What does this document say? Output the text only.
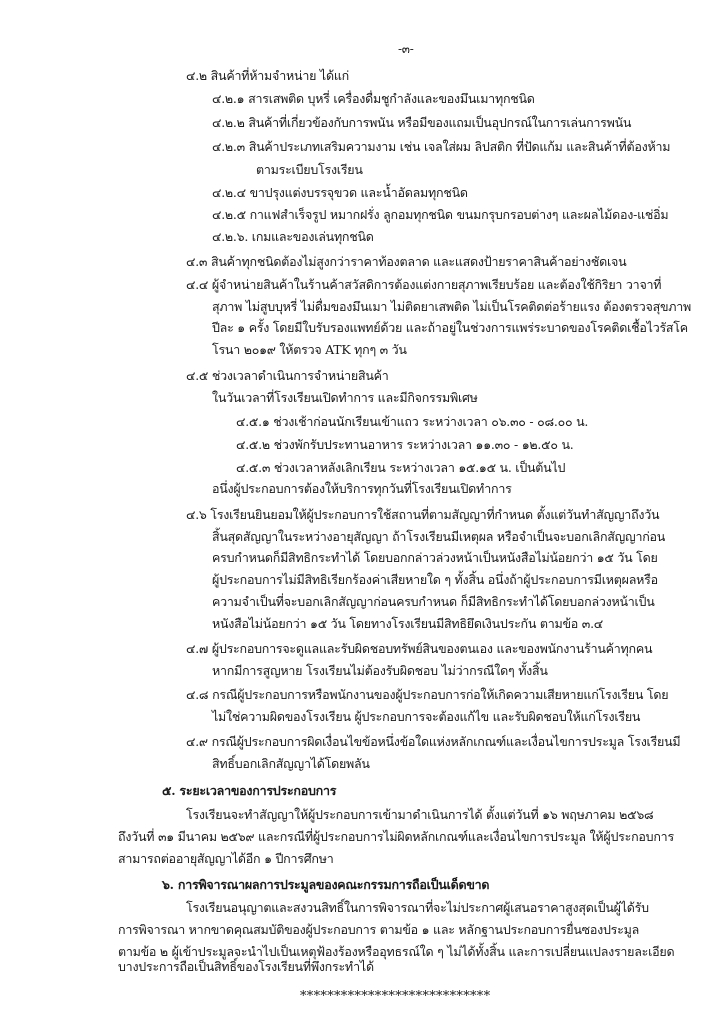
-๓-
๔.๒ สินค้าที่ห้ามจำหน่าย ได้แก่
๔.๒.๑ สารเสพติด บุหรี่ เครื่องดื่มชูกำลังและของมึนเมาทุกชนิด
๔.๒.๒ สินค้าที่เกี่ยวข้องกับการพนัน หรือมีของแถมเป็นอุปกรณ์ในการเล่นการพนัน
๔.๒.๓ สินค้าประเภทเสริมความงาม เช่น เจลใส่ผม ลิปสติก ที่ปัดแก้ม และสินค้าที่ต้องห้าม
ตามระเบียบโรงเรียน
๔.๒.๔ ขาปรุงแต่งบรรจุขวด และน้ำอัดลมทุกชนิด
๔.๒.๕ กาแฟสำเร็จรูป หมากฝรั่ง ลูกอมทุกชนิด ขนมกรุบกรอบต่างๆ และผลไม้ดอง-แช่อิ่ม
๔.๒.๖. เกมและของเล่นทุกชนิด
๔.๓ สินค้าทุกชนิดต้องไม่สูงกว่าราคาท้องตลาด และแสดงป้ายราคาสินค้าอย่างชัดเจน
๔.๔ ผู้จำหน่ายสินค้าในร้านค้าสวัสดิการต้องแต่งกายสุภาพเรียบร้อย และต้องใช้กิริยา วาจาที่
สุภาพ ไม่สูบบุหรี่ ไม่ดื่มของมึนเมา ไม่ติดยาเสพติด ไม่เป็นโรคติดต่อร้ายแรง ต้องตรวจสุขภาพ
ปีละ ๑ ครั้ง โดยมีใบรับรองแพทย์ด้วย และถ้าอยู่ในช่วงการแพร่ระบาดของโรคติดเชื้อไวรัสโค
โรนา ๒๐๑๙ ให้ตรวจ ATK ทุกๆ ๓ วัน
๔.๕ ช่วงเวลาดำเนินการจำหน่ายสินค้า
ในวันเวลาที่โรงเรียนเปิดทำการ และมีกิจกรรมพิเศษ
๔.๕.๑ ช่วงเช้าก่อนนักเรียนเข้าแถว ระหว่างเวลา ๐๖.๓๐ - ๐๘.๐๐ น.
๔.๕.๒ ช่วงพักรับประทานอาหาร ระหว่างเวลา ๑๑.๓๐ - ๑๒.๕๐ น.
๔.๕.๓ ช่วงเวลาหลังเลิกเรียน ระหว่างเวลา ๑๕.๑๕ น. เป็นต้นไป
อนึ่งผู้ประกอบการต้องให้บริการทุกวันที่โรงเรียนเปิดทำการ
๔.๖ โรงเรียนยินยอมให้ผู้ประกอบการใช้สถานที่ตามสัญญาที่กำหนด ตั้งแต่วันทำสัญญาถึงวัน
สิ้นสุดสัญญาในระหว่างอายุสัญญา ถ้าโรงเรียนมีเหตุผล หรือจำเป็นจะบอกเลิกสัญญาก่อน
ครบกำหนดก็มีสิทธิกระทำได้ โดยบอกกล่าวล่วงหน้าเป็นหนังสือไม่น้อยกว่า ๑๕ วัน โดย
ผู้ประกอบการไม่มีสิทธิเรียกร้องค่าเสียหายใด ๆ ทั้งสิ้น อนึ่งถ้าผู้ประกอบการมีเหตุผลหรือ
ความจำเป็นที่จะบอกเลิกสัญญาก่อนครบกำหนด ก็มีสิทธิกระทำได้โดยบอกล่วงหน้าเป็น
หนังสือไม่น้อยกว่า ๑๕ วัน โดยทางโรงเรียนมีสิทธิยึดเงินประกัน ตามข้อ ๓.๔
๔.๗ ผู้ประกอบการจะดูแลและรับผิดชอบทรัพย์สินของตนเอง และของพนักงานร้านค้าทุกคน
หากมีการสูญหาย โรงเรียนไม่ต้องรับผิดชอบ ไม่ว่ากรณีใดๆ ทั้งสิ้น
๔.๘ กรณีผู้ประกอบการหรือพนักงานของผู้ประกอบการก่อให้เกิดความเสียหายแก่โรงเรียน โดย
ไม่ใช่ความผิดของโรงเรียน ผู้ประกอบการจะต้องแก้ไข และรับผิดชอบให้แก่โรงเรียน
๔.๙ กรณีผู้ประกอบการผิดเงื่อนไขข้อหนึ่งข้อใดแห่งหลักเกณฑ์และเงื่อนไขการประมูล โรงเรียนมี
สิทธิ์บอกเลิกสัญญาได้โดยพลัน
๕. ระยะเวลาของการประกอบการ
โรงเรียนจะทำสัญญาให้ผู้ประกอบการเข้ามาดำเนินการได้ ตั้งแต่วันที่ ๑๖ พฤษภาคม ๒๕๖๘
ถึงวันที่ ๓๑ มีนาคม ๒๕๖๙ และกรณีที่ผู้ประกอบการไม่ผิดหลักเกณฑ์และเงื่อนไขการประมูล ให้ผู้ประกอบการ
สามารถต่ออายุสัญญาได้อีก ๑ ปีการศึกษา
๖. การพิจารณาผลการประมูลของคณะกรรมการถือเป็นเด็ดขาด
โรงเรียนอนุญาตและสงวนสิทธิ์ในการพิจารณาที่จะไม่ประกาศผู้เสนอราคาสูงสุดเป็นผู้ได้รับ
การพิจารณา หากขาดคุณสมบัติของผู้ประกอบการ ตามข้อ ๑ และ หลักฐานประกอบการยื่นซองประมูล
ตามข้อ ๒ ผู้เข้าประมูลจะนำไปเป็นเหตุฟ้องร้องหรืออุทธรณ์ใด ๆ ไม่ได้ทั้งสิ้น และการเปลี่ยนแปลงรายละเอียด
บางประการถือเป็นสิทธิ์ของโรงเรียนที่พึงกระทำได้
****************************
